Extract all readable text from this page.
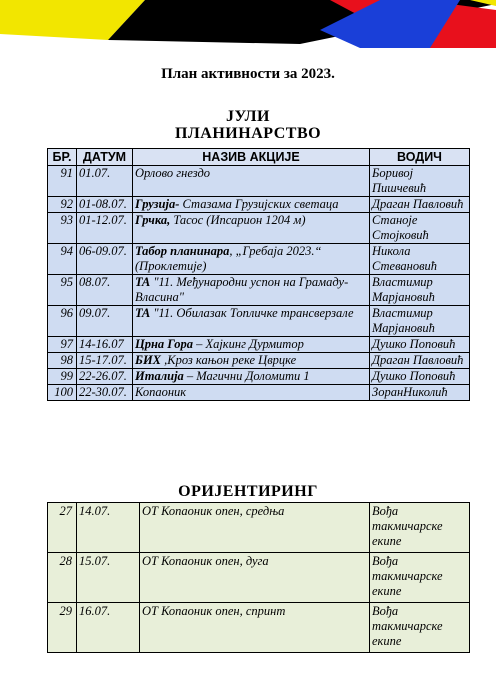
План активности за 2023.
ЈУЛИ
ПЛАНИНАРСТВО
БР.	ДАТУМ	НАЗИВ АКЦИЈЕ	ВОДИЧ
91	01.07.	Орлово гнездо	Боривој Пишчевић
92	01-08.07.	Грузија- Стазама Грузијских светаца	Драган Павловић
93	01-12.07.	Грчка, Тасос (Ипсарион 1204 м)	Станоје Стојковић
94	06-09.07.	Табор планинара, „Гребаја 2023.“ (Проклетије)	Никола Стевановић
95	08.07.	ТА "11. Међународни успон на Грамаду-Власина"	Властимир Марјановић
96	09.07.	ТА "11. Обилазак Топличке трансверзале	Властимир Марјановић
97	14-16.07	Црна Гора – Хајкинг Дурмитор	Душко Поповић
98	15-17.07.	БИХ ,Кроз кањон реке Цврцке	Драган Павловић
99	22-26.07.	Италија – Магични Доломити 1	Душко Поповић
100	22-30.07.	Копаоник	ЗоранНиколић
ОРИЈЕНТИРИНГ
27	14.07.	ОТ Копаоник опен, средња	Вођа такмичарске екипе
28	15.07.	ОТ Копаоник опен, дуга	Вођа такмичарске екипе
29	16.07.	ОТ Копаоник опен, спринт	Вођа такмичарске екипе
